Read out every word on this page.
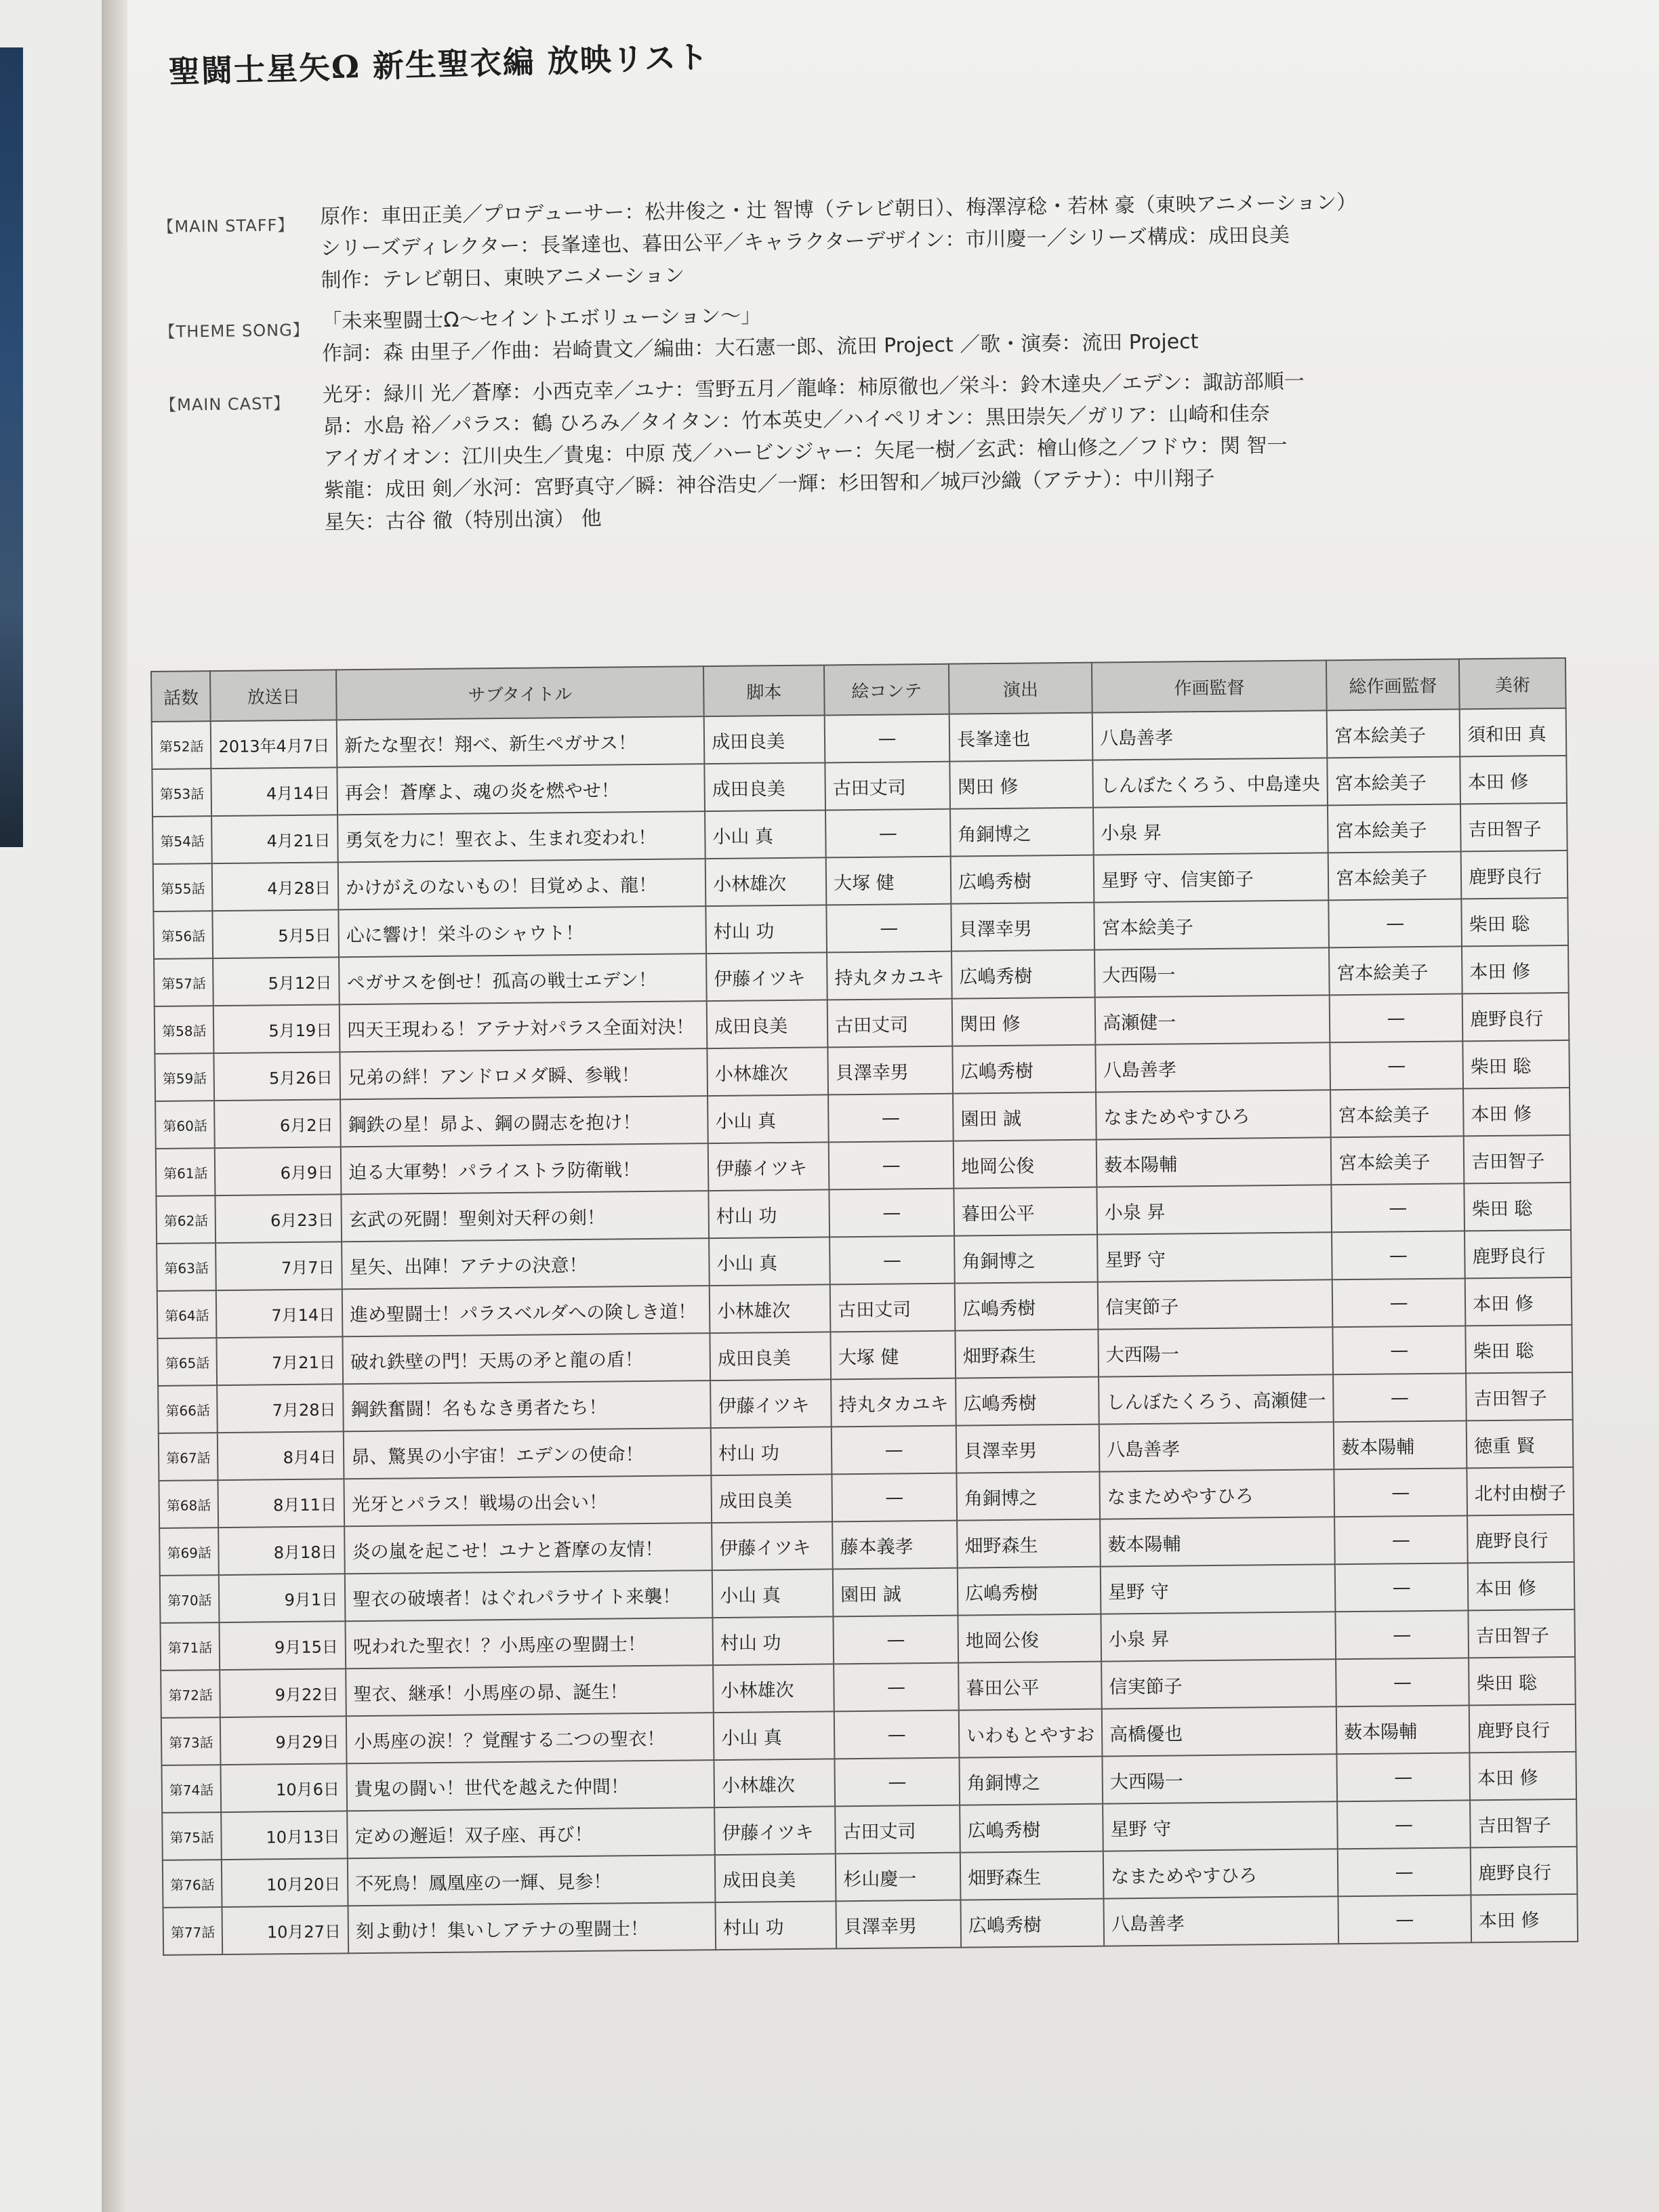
聖闘士星矢Ω 新生聖衣編 放映リスト
【MAIN STAFF】 原作：車田正美／プロデューサー：松井俊之・辻 智博（テレビ朝日）、梅澤淳稔・若林 豪（東映アニメーション）
シリーズディレクター：長峯達也、暮田公平／キャラクターデザイン：市川慶一／シリーズ構成：成田良美
制作：テレビ朝日、東映アニメーション
【THEME SONG】 「未来聖闘士Ω～セイントエボリューション～」
作詞：森 由里子／作曲：岩崎貴文／編曲：大石憲一郎、流田 Project ／歌・演奏：流田 Project
【MAIN CAST】 光牙：緑川 光／蒼摩：小西克幸／ユナ：雪野五月／龍峰：柿原徹也／栄斗：鈴木達央／エデン：諏訪部順一
昴：水島 裕／パラス：鶴 ひろみ／タイタン：竹本英史／ハイペリオン：黒田崇矢／ガリア：山崎和佳奈
アイガイオン：江川央生／貴鬼：中原 茂／ハービンジャー：矢尾一樹／玄武：檜山修之／フドウ：関 智一
紫龍：成田 剣／氷河：宮野真守／瞬：神谷浩史／一輝：杉田智和／城戸沙織（アテナ）：中川翔子
星矢：古谷 徹（特別出演） 他
話数	放送日	サブタイトル	脚本	絵コンテ	演出	作画監督	総作画監督	美術
第52話	2013年4月7日	新たな聖衣！翔べ、新生ペガサス！	成田良美	—	長峯達也	八島善孝	宮本絵美子	須和田 真
第53話	4月14日	再会！蒼摩よ、魂の炎を燃やせ！	成田良美	古田丈司	関田 修	しんぼたくろう、中島達央	宮本絵美子	本田 修
第54話	4月21日	勇気を力に！聖衣よ、生まれ変われ！	小山 真	—	角銅博之	小泉 昇	宮本絵美子	吉田智子
第55話	4月28日	かけがえのないもの！目覚めよ、龍！	小林雄次	大塚 健	広嶋秀樹	星野 守、信実節子	宮本絵美子	鹿野良行
第56話	5月5日	心に響け！栄斗のシャウト！	村山 功	—	貝澤幸男	宮本絵美子	—	柴田 聡
第57話	5月12日	ペガサスを倒せ！孤高の戦士エデン！	伊藤イツキ	持丸タカユキ	広嶋秀樹	大西陽一	宮本絵美子	本田 修
第58話	5月19日	四天王現わる！アテナ対パラス全面対決！	成田良美	古田丈司	関田 修	高瀬健一	—	鹿野良行
第59話	5月26日	兄弟の絆！アンドロメダ瞬、参戦！	小林雄次	貝澤幸男	広嶋秀樹	八島善孝	—	柴田 聡
第60話	6月2日	鋼鉄の星！昴よ、鋼の闘志を抱け！	小山 真	—	園田 誠	なまためやすひろ	宮本絵美子	本田 修
第61話	6月9日	迫る大軍勢！パライストラ防衛戦！	伊藤イツキ	—	地岡公俊	薮本陽輔	宮本絵美子	吉田智子
第62話	6月23日	玄武の死闘！聖剣対天秤の剣！	村山 功	—	暮田公平	小泉 昇	—	柴田 聡
第63話	7月7日	星矢、出陣！アテナの決意！	小山 真	—	角銅博之	星野 守	—	鹿野良行
第64話	7月14日	進め聖闘士！パラスベルダへの険しき道！	小林雄次	古田丈司	広嶋秀樹	信実節子	—	本田 修
第65話	7月21日	破れ鉄壁の門！天馬の矛と龍の盾！	成田良美	大塚 健	畑野森生	大西陽一	—	柴田 聡
第66話	7月28日	鋼鉄奮闘！名もなき勇者たち！	伊藤イツキ	持丸タカユキ	広嶋秀樹	しんぼたくろう、高瀬健一	—	吉田智子
第67話	8月4日	昴、驚異の小宇宙！エデンの使命！	村山 功	—	貝澤幸男	八島善孝	薮本陽輔	徳重 賢
第68話	8月11日	光牙とパラス！戦場の出会い！	成田良美	—	角銅博之	なまためやすひろ	—	北村由樹子
第69話	8月18日	炎の嵐を起こせ！ユナと蒼摩の友情！	伊藤イツキ	藤本義孝	畑野森生	薮本陽輔	—	鹿野良行
第70話	9月1日	聖衣の破壊者！はぐれパラサイト来襲！	小山 真	園田 誠	広嶋秀樹	星野 守	—	本田 修
第71話	9月15日	呪われた聖衣！？小馬座の聖闘士！	村山 功	—	地岡公俊	小泉 昇	—	吉田智子
第72話	9月22日	聖衣、継承！小馬座の昴、誕生！	小林雄次	—	暮田公平	信実節子	—	柴田 聡
第73話	9月29日	小馬座の涙！？覚醒する二つの聖衣！	小山 真	—	いわもとやすお	高橋優也	薮本陽輔	鹿野良行
第74話	10月6日	貴鬼の闘い！世代を越えた仲間！	小林雄次	—	角銅博之	大西陽一	—	本田 修
第75話	10月13日	定めの邂逅！双子座、再び！	伊藤イツキ	古田丈司	広嶋秀樹	星野 守	—	吉田智子
第76話	10月20日	不死鳥！鳳凰座の一輝、見参！	成田良美	杉山慶一	畑野森生	なまためやすひろ	—	鹿野良行
第77話	10月27日	刻よ動け！集いしアテナの聖闘士！	村山 功	貝澤幸男	広嶋秀樹	八島善孝	—	本田 修
